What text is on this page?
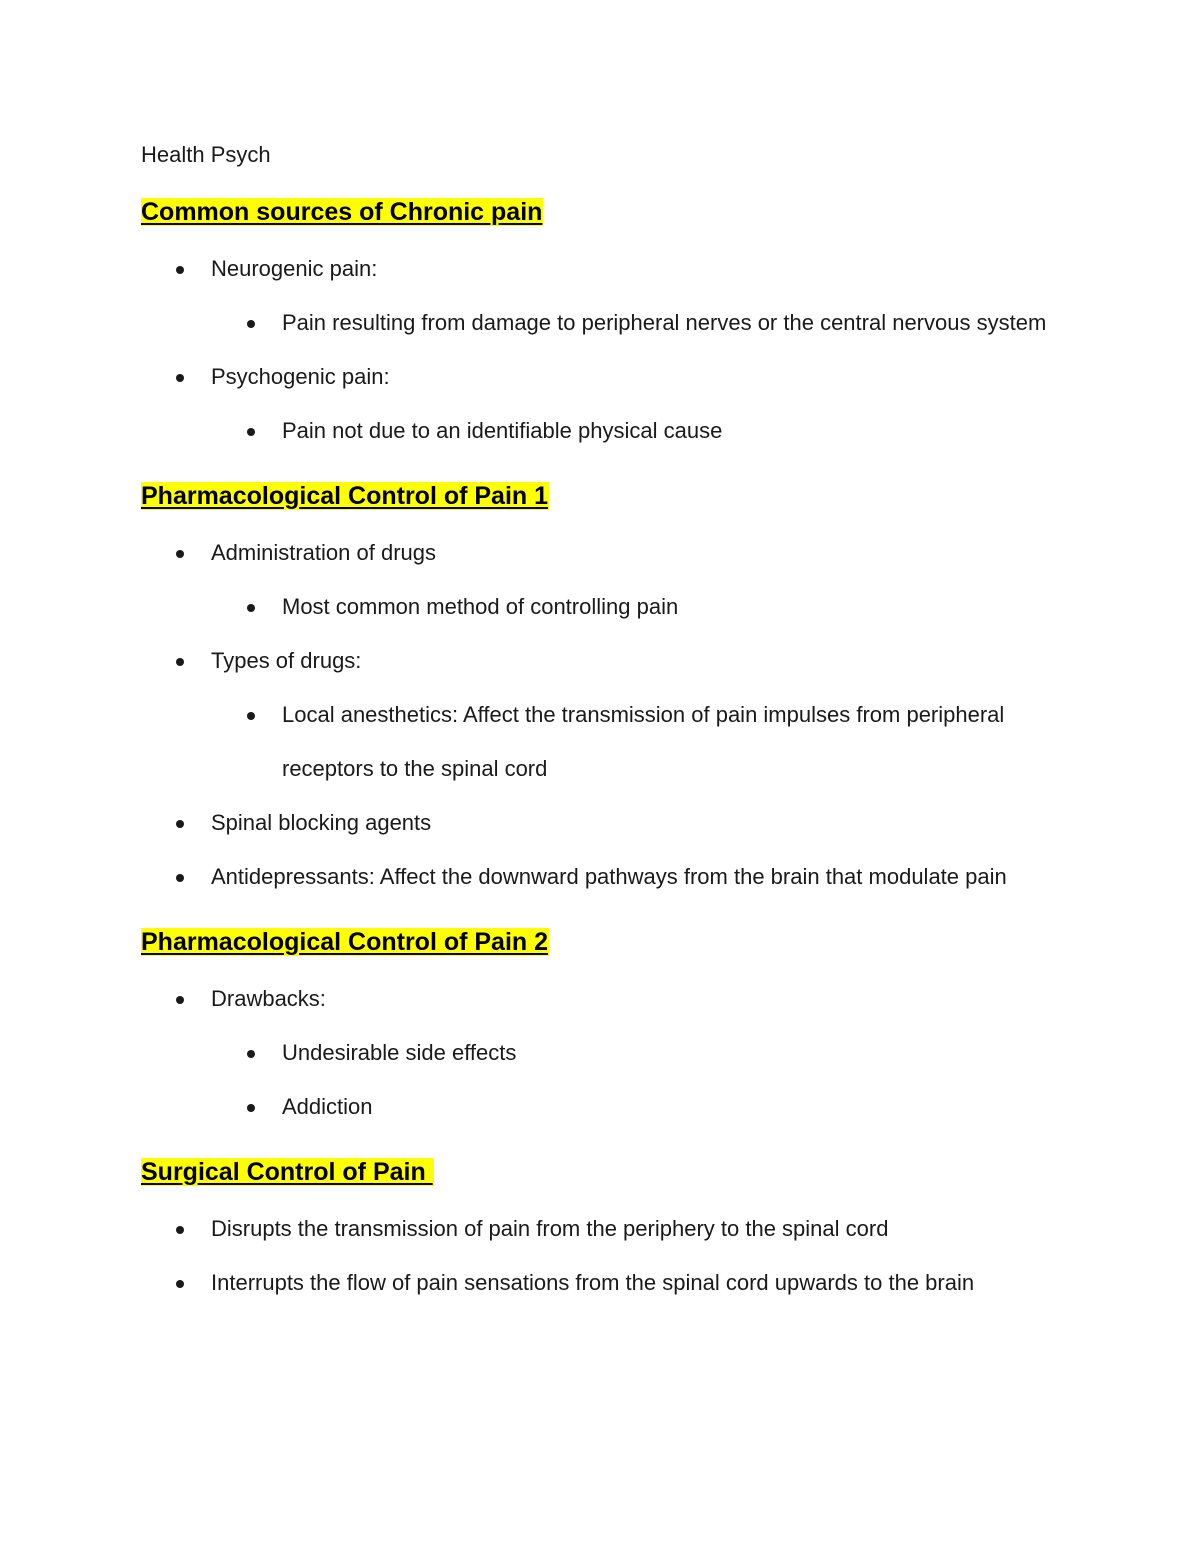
Health Psych
Common sources of Chronic pain
Neurogenic pain:
Pain resulting from damage to peripheral nerves or the central nervous system
Psychogenic pain:
Pain not due to an identifiable physical cause
Pharmacological Control of Pain 1
Administration of drugs
Most common method of controlling pain
Types of drugs:
Local anesthetics: Affect the transmission of pain impulses from peripheral receptors to the spinal cord
Spinal blocking agents
Antidepressants: Affect the downward pathways from the brain that modulate pain
Pharmacological Control of Pain 2
Drawbacks:
Undesirable side effects
Addiction
Surgical Control of Pain
Disrupts the transmission of pain from the periphery to the spinal cord
Interrupts the flow of pain sensations from the spinal cord upwards to the brain
